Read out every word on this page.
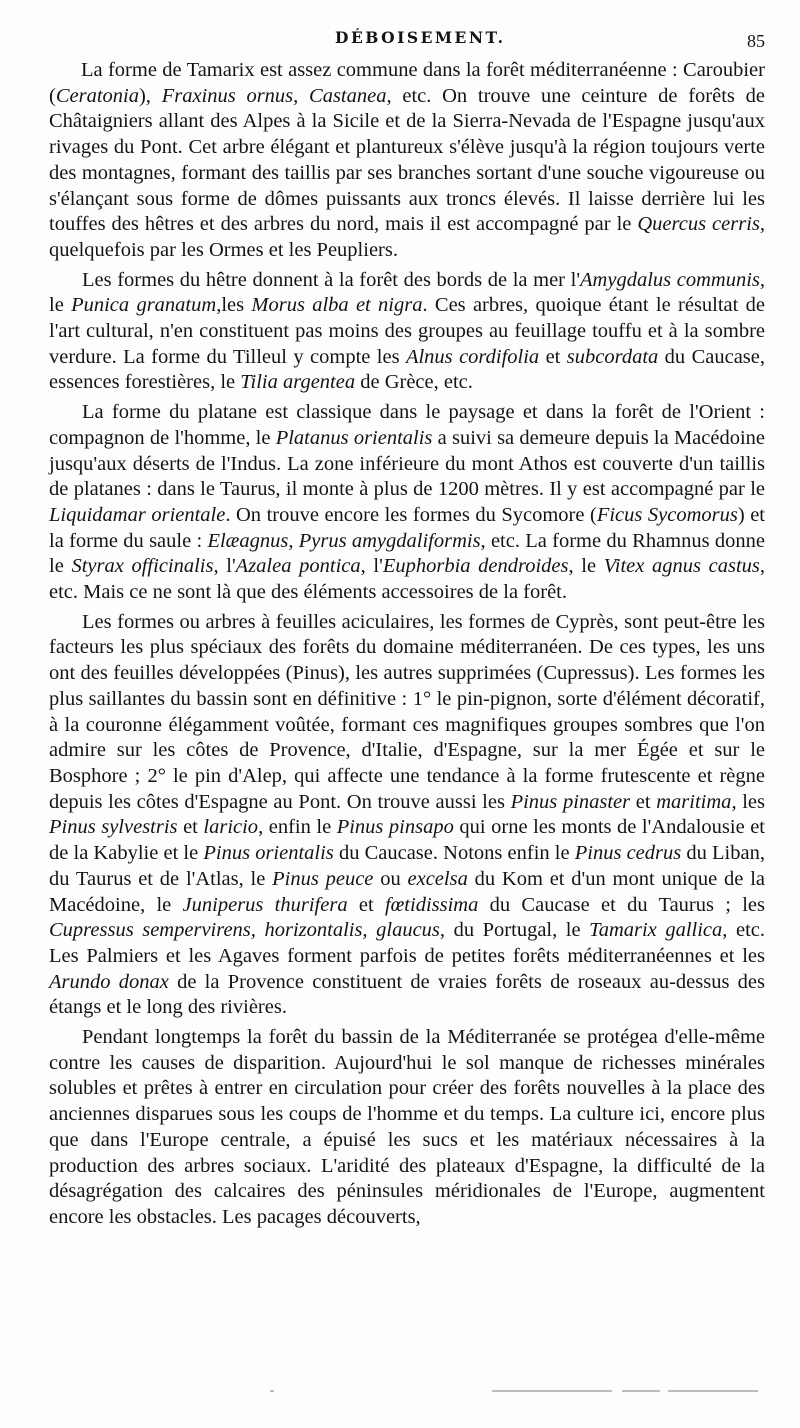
DÉBOISEMENT.	85

La forme de Tamarix est assez commune dans la forêt méditerranéenne : Caroubier (Ceratonia), Fraxinus ornus, Castanea, etc. On trouve une ceinture de forêts de Châtaigniers allant des Alpes à la Sicile et de la Sierra-Nevada de l'Espagne jusqu'aux rivages du Pont. Cet arbre élégant et plantureux s'élève jusqu'à la région toujours verte des montagnes, formant des taillis par ses branches sortant d'une souche vigoureuse ou s'élançant sous forme de dômes puissants aux troncs élevés. Il laisse derrière lui les touffes des hêtres et des arbres du nord, mais il est accompagné par le Quercus cerris, quelquefois par les Ormes et les Peupliers.

Les formes du hêtre donnent à la forêt des bords de la mer l'Amygdalus communis, le Punica granatum,les Morus alba et nigra. Ces arbres, quoique étant le résultat de l'art cultural, n'en constituent pas moins des groupes au feuillage touffu et à la sombre verdure. La forme du Tilleul y compte les Alnus cordifolia et subcordata du Caucase, essences forestières, le Tilia argentea de Grèce, etc.

La forme du platane est classique dans le paysage et dans la forêt de l'Orient : compagnon de l'homme, le Platanus orientalis a suivi sa demeure depuis la Macédoine jusqu'aux déserts de l'Indus. La zone inférieure du mont Athos est couverte d'un taillis de platanes : dans le Taurus, il monte à plus de 1200 mètres. Il y est accompagné par le Liquidamar orientale. On trouve encore les formes du Sycomore (Ficus Sycomorus) et la forme du saule : Elæagnus, Pyrus amygdaliformis, etc. La forme du Rhamnus donne le Styrax officinalis, l'Azalea pontica, l'Euphorbia dendroides, le Vitex agnus castus, etc. Mais ce ne sont là que des éléments accessoires de la forêt.

Les formes ou arbres à feuilles aciculaires, les formes de Cyprès, sont peut-être les facteurs les plus spéciaux des forêts du domaine méditerranéen. De ces types, les uns ont des feuilles développées (Pinus), les autres supprimées (Cupressus). Les formes les plus saillantes du bassin sont en définitive : 1° le pin-pignon, sorte d'élément décoratif, à la couronne élégamment voûtée, formant ces magnifiques groupes sombres que l'on admire sur les côtes de Provence, d'Italie, d'Espagne, sur la mer Égée et sur le Bosphore ; 2° le pin d'Alep, qui affecte une tendance à la forme frutescente et règne depuis les côtes d'Espagne au Pont. On trouve aussi les Pinus pinaster et maritima, les Pinus sylvestris et laricio, enfin le Pinus pinsapo qui orne les monts de l'Andalousie et de la Kabylie et le Pinus orientalis du Caucase. Notons enfin le Pinus cedrus du Liban, du Taurus et de l'Atlas, le Pinus peuce ou excelsa du Kom et d'un mont unique de la Macédoine, le Juniperus thurifera et fœtidissima du Caucase et du Taurus ; les Cupressus sempervirens, horizontalis, glaucus, du Portugal, le Tamarix gallica, etc. Les Palmiers et les Agaves forment parfois de petites forêts méditerranéennes et les Arundo donax de la Provence constituent de vraies forêts de roseaux au-dessus des étangs et le long des rivières.

Pendant longtemps la forêt du bassin de la Méditerranée se protégea d'elle-même contre les causes de disparition. Aujourd'hui le sol manque de richesses minérales solubles et prêtes à entrer en circulation pour créer des forêts nouvelles à la place des anciennes disparues sous les coups de l'homme et du temps. La culture ici, encore plus que dans l'Europe centrale, a épuisé les sucs et les matériaux nécessaires à la production des arbres sociaux. L'aridité des plateaux d'Espagne, la difficulté de la désagrégation des calcaires des péninsules méridionales de l'Europe, augmentent encore les obstacles. Les pacages découverts,
